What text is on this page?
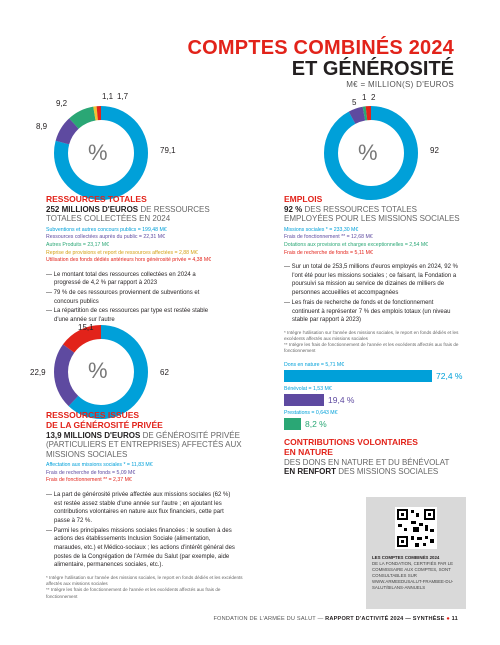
COMPTES COMBINÉS 2024
ET GÉNÉROSITÉ
M€ = MILLION(S) D'EUROS
%	79,1
8,9
9,2
1,1 1,7
RESSOURCES TOTALES
252 MILLIONS D'EUROS DE RESSOURCES TOTALES COLLECTÉES EN 2024
Subventions et autres concours publics = 199,48 M€
Ressources collectées auprès du public = 22,31 M€
Autres Produits = 23,17 M€
Reprise de provisions et report de ressources affectées = 2,88 M€
Utilisation des fonds dédiés antérieurs hors générosité privée = 4,38 M€

— Le montant total des ressources collectées en 2024 a progressé de 4,2 % par rapport à 2023

— 79 % de ces ressources proviennent de subventions et concours publics

— La répartition de ces ressources par type est restée stable d'une année sur l'autre

%	92
5
1 2
EMPLOIS
92 % DES RESSOURCES TOTALES EMPLOYÉES POUR LES MISSIONS SOCIALES
Missions sociales * = 233,30 M€
Frais de fonctionnement ** = 12,68 M€
Dotations aux provisions et charges exceptionnelles = 2,54 M€
Frais de recherche de fonds = 5,11 M€

— Sur un total de 253,5 millions d'euros employés en 2024, 92 % l'ont été pour les missions sociales ; ce faisant, la Fondation a poursuivi sa mission au service de dizaines de milliers de personnes accueillies et accompagnées

— Les frais de recherche de fonds et de fonctionnement continuent à représenter 7 % des emplois totaux (un niveau stable par rapport à 2023)

* Intègre l'utilisation sur l'année des missions sociales, le report en fonds dédiés et les excédents affectés aux missions sociales
** Intègre les frais de fonctionnement de l'année et les excédents affectés aux frais de fonctionnement
%	62
22,9
15,1
RESSOURCES ISSUES
DE LA GÉNÉROSITÉ PRIVÉE
13,9 MILLIONS D'EUROS DE GÉNÉROSITÉ PRIVÉE (PARTICULIERS ET ENTREPRISES) AFFECTÉS AUX MISSIONS SOCIALES
Affectation aux missions sociales * = 11,83 M€
Frais de recherche de fonds = 5,09 M€
Frais de fonctionnement ** = 2,37 M€

— La part de générosité privée affectée aux missions sociales (62 %) est restée assez stable d'une année sur l'autre ; en ajoutant les contributions volontaires en nature aux flux financiers, cette part passe à 72 %.

— Parmi les principales missions sociales financées : le soutien à des actions des établissements Inclusion Sociale (alimentation, maraudes, etc.) et Médico-sociaux ; les actions d'intérêt général des postes de la Congrégation de l'Armée du Salut (par exemple, aide alimentaire, permanences sociales, etc.).

* Intègre l'utilisation sur l'année des missions sociales, le report en fonds dédiés et les excédents affectés aux missions sociales
** Intègre les frais de fonctionnement de l'année et les excédents affectés aux frais de fonctionnement
Dons en nature = 5,71 M€
72,4 %
Bénévolat = 1,53 M€
19,4 %
Prestations = 0,643 M€
8,2 %
CONTRIBUTIONS VOLONTAIRES
EN NATURE
DES DONS EN NATURE ET DU BÉNÉVOLAT
EN RENFORT DES MISSIONS SOCIALES
LES COMPTES COMBINÉS 2024
DE LA FONDATION, CERTIFIÉS PAR LE COMMISSAIRE AUX COMPTES, SONT CONSULTABLES SUR WWW.ARMEEDUSALUT-FRAMBEE-DU-SALUT/BILANS-ANNUELS
FONDATION DE L'ARMÉE DU SALUT — RAPPORT D'ACTIVITÉ 2024 — SYNTHÈSE ● 11
